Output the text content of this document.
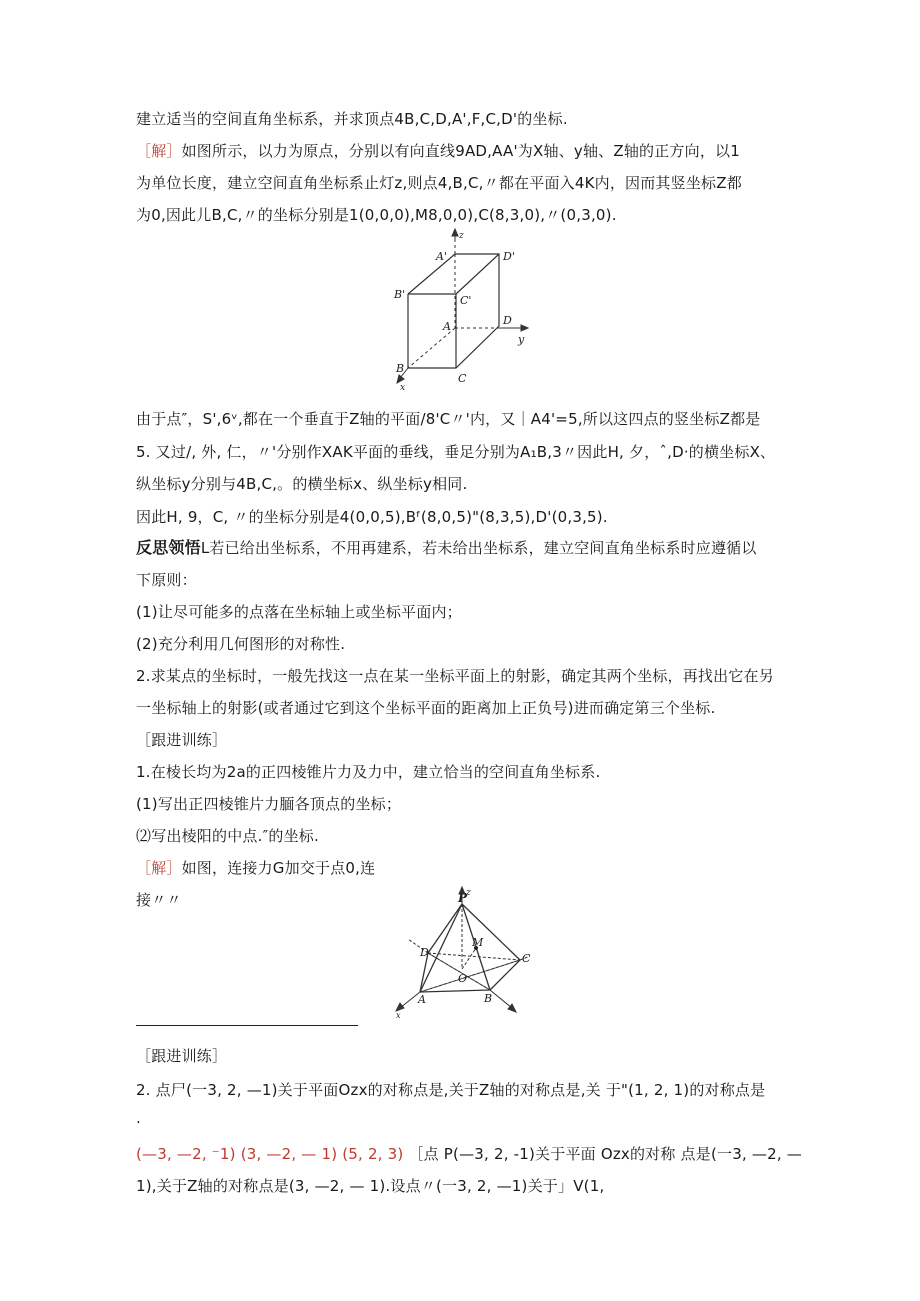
建立适当的空间直角坐标系，并求顶点4B,C,D,A',F,C,D'的坐标.
［解］如图所示，以力为原点，分别以有向直线9AD,AA'为X轴、y轴、Z轴的正方向，以1
为单位长度，建立空间直角坐标系止灯z,则点4,B,C,〃都在平面入4K内，因而其竖坐标Z都
为0,因此儿B,C,〃的坐标分别是1(0,0,0),M8,0,0),C(8,3,0),〃(0,3,0).
z
y
x
A'	D'
B'	C'
A	D
B
C
由于点″，S',6ᵛ,都在一个垂直于Z轴的平面/8'C〃'内，又｜A4'=5,所以这四点的竖坐标Z都是
5. 又过/, 外, 仁，〃'分别作XAK平面的垂线，垂足分别为A₁B,3〃因此H, 夕，ˆ,D·的横坐标X、
纵坐标y分别与4B,C,。的横坐标x、纵坐标y相同.
因此H, 9，C, 〃的坐标分别是4(0,0,5),Bᶠ(8,0,5)"(8,3,5),D'(0,3,5).
反思领悟L若已给出坐标系，不用再建系，若未给出坐标系，建立空间直角坐标系时应遵循以
下原则：
(1)让尽可能多的点落在坐标轴上或坐标平面内；
(2)充分利用几何图形的对称性.
2.求某点的坐标时，一般先找这一点在某一坐标平面上的射影，确定其两个坐标，再找出它在另
一坐标轴上的射影(或者通过它到这个坐标平面的距离加上正负号)进而确定第三个坐标.
［跟进训练］
1.在棱长均为2a的正四棱锥片力及力中，建立恰当的空间直角坐标系.
(1)写出正四棱锥片力腼各顶点的坐标；
⑵写出棱阳的中点.″的坐标.
［解］如图，连接力G加交于点0,连
接〃〃	z
x
P
M
O
A	B
C
D
［跟进训练］
2. 点尸(一3, 2, —1)关于平面Ozx的对称点是,关于Z轴的对称点是,关 于"(1, 2, 1)的对称点是
.
(—3, —2, ⁻1) (3, —2, — 1) (5, 2, 3) ［点 P(—3, 2, -1)关于平面 Ozx的对称 点是(一3, —2, —
1),关于Z轴的对称点是(3, —2, — 1).设点〃(一3, 2, —1)关于」V(1,
